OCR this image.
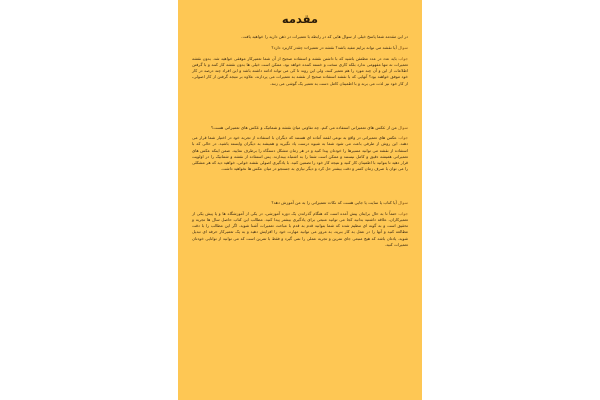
مقدمه

در این مقدمه شما پاسخ خیلی از سوال هایی که در رابطه با تعمیرات در ذهن دارید را خواهید یافت.

سوال آیا نقشه می توانه برایم مفید باشد؟ نقشه در تعمیرات چقدر کاربرد دارد؟

جواب باید عدد در عدد مطمئن باشید که با داشتن نقشه و استفاده صحیح از آن شما تعمیرکار موفقی خواهید شد. بدون نقشه تعمیرات نه تنها مفهومی ندارد بلکه کاری سخت و خسته کننده خواهد بود. ممکن است خیلی ها بدون نقشه کار کنند و با گرفتن اطلاعات از این و آن چند مورد را هم تعمیر کنند، ولی این روند تا کی می تواند ادامه داشته باشد و این افراد چند درصد در کار خود موفق خواهند بود؟ آنهایی که با نقشه استفاده صحیح از نقشه به تعمیرات می پردازند، علاوه بر نتیجه گرفتن از کار اصولی، از کار خود نیز لذت می برند و با اطمینان کامل دست به تعمیر یک گوشی می زنند.

سوال من از عکس های تعمیراتی استفاده می کنم. چه تفاوتی میان نقشه و شماتیک و عکس های تعمیراتی هست؟

جواب عکس های تعمیراتی در واقع به نوعی لقمه آماده ای هستند که دیگران با استفاده از تجربه خود در اختیار شما قرار می دهند. این روش از طرفی باعث می شود شما به شیوه درست یاد نگیرید و همیشه به دیگران وابسته باشید. در حالی که با استفاده از نقشه می توانید مسیرها را خودتان پیدا کنید و در هر زمان مشکل دستگاه را برطرف نمایید. ضمن اینکه عکس های تعمیراتی همیشه دقیق و کامل نیستند و ممکن است شما را به اشتباه بیندازند. پس استفاده از نقشه و شماتیک را در اولویت قرار دهید تا بتوانید با اطمینان کار کنید و نتیجه کار خود را تضمین کنید. با یادگیری اصولی نقشه خوانی، خواهید دید که هر مشکلی را می توان با صرف زمان کمتر و دقت بیشتر حل کرد و دیگر نیازی به جستجو در میان عکس ها نخواهید داشت.

سوال آیا کتاب یا سایت یا جایی هست که نکات تعمیراتی را به من آموزش دهد؟

جواب حتماً تا به حال برایتان پیش آمده است که هنگام گذراندن یک دوره آموزشی، در یکی از آموزشگاه ها و یا پیش یکی از تعمیرکاران، علاقه داشتید بدانید کجا می توانید منبعی برای یادگیری بیشتر پیدا کنید. مطالب این کتاب حاصل سال ها تجربه و تحقیق است و به گونه ای تنظیم شده که شما بتوانید قدم به قدم با مباحث تعمیرات آشنا شوید. اگر این مطالب را با دقت مطالعه کنید و آنها را در عمل به کار ببرید، به مرور می توانید مهارت خود را افزایش دهید و به یک تعمیرکار حرفه ای تبدیل شوید. یادتان باشد که هیچ منبعی جای تمرین و تجربه عملی را نمی گیرد و فقط با تمرین است که می توانید از توانایی خودتان تعمیرات کنید.
